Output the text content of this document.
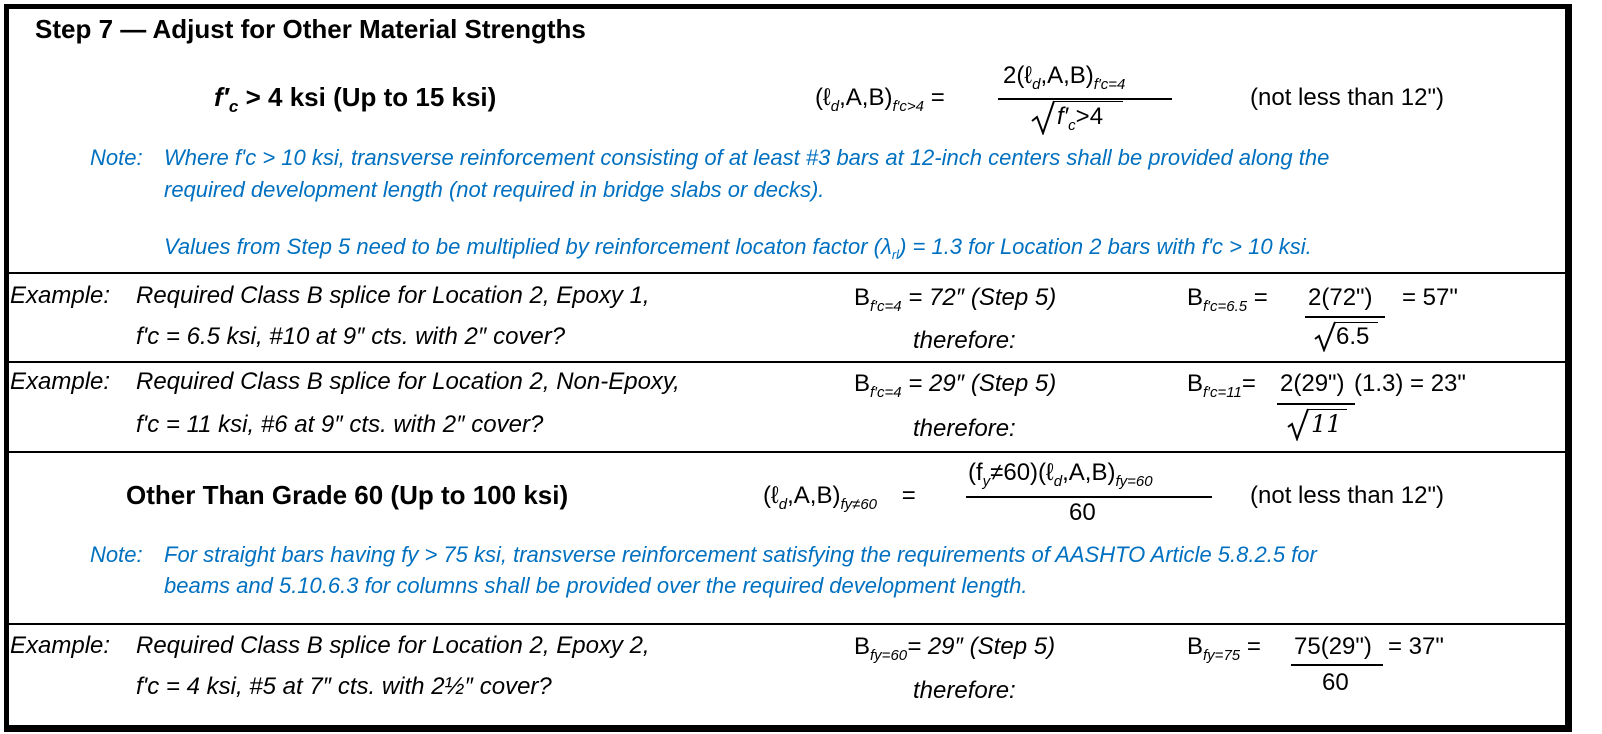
Step 7 — Adjust for Other Material Strengths
$f'_c > 4$ ksi (Up to 15 ksi)	$(\ell_d,A,B)_{f'c>4}$ =
$2(\ell_d,A,B)_{f'c=4}$
$f'_c>4$
(not less than 12")
Note: Where f'c > 10 ksi, transverse reinforcement consisting of at least #3 bars at 12-inch centers shall be provided along the
required development length (not required in bridge slabs or decks).
Values from Step 5 need to be multiplied by reinforcement locaton factor $(\lambda_{rl}) = 1.3$ for Location 2 bars with f'c > 10 ksi.
Example: Required Class B splice for Location 2, Epoxy 1,
f'c = 6.5 ksi, #10 at 9″ cts. with 2″ cover?
$B_{f'c=4} = 72''$ (Step 5)
therefore:
$B_{f'c=6.5}$ = 2(72") = 57"
6.5
Example: Required Class B splice for Location 2, Non-Epoxy,
f'c = 11 ksi, #6 at 9″ cts. with 2″ cover?
$B_{f'c=4} = 29''$ (Step 5)
therefore:
$B_{f'c=11}=$ 2(29") (1.3) = 23"
11
Other Than Grade 60 (Up to 100 ksi)	$(\ell_d,A,B)_{fy\ne 60}$ =
$(f_y\ne 60)(\ell_d,A,B)_{fy=60}$
60
(not less than 12")
Note: For straight bars having fy > 75 ksi, transverse reinforcement satisfying the requirements of AASHTO Article 5.8.2.5 for
beams and 5.10.6.3 for columns shall be provided over the required development length.
Example: Required Class B splice for Location 2, Epoxy 2,
f'c = 4 ksi, #5 at 7″ cts. with 2½″ cover?
$B_{fy=60}= 29''$ (Step 5)
therefore:
$B_{fy=75}$ = 75(29") = 37"
60
